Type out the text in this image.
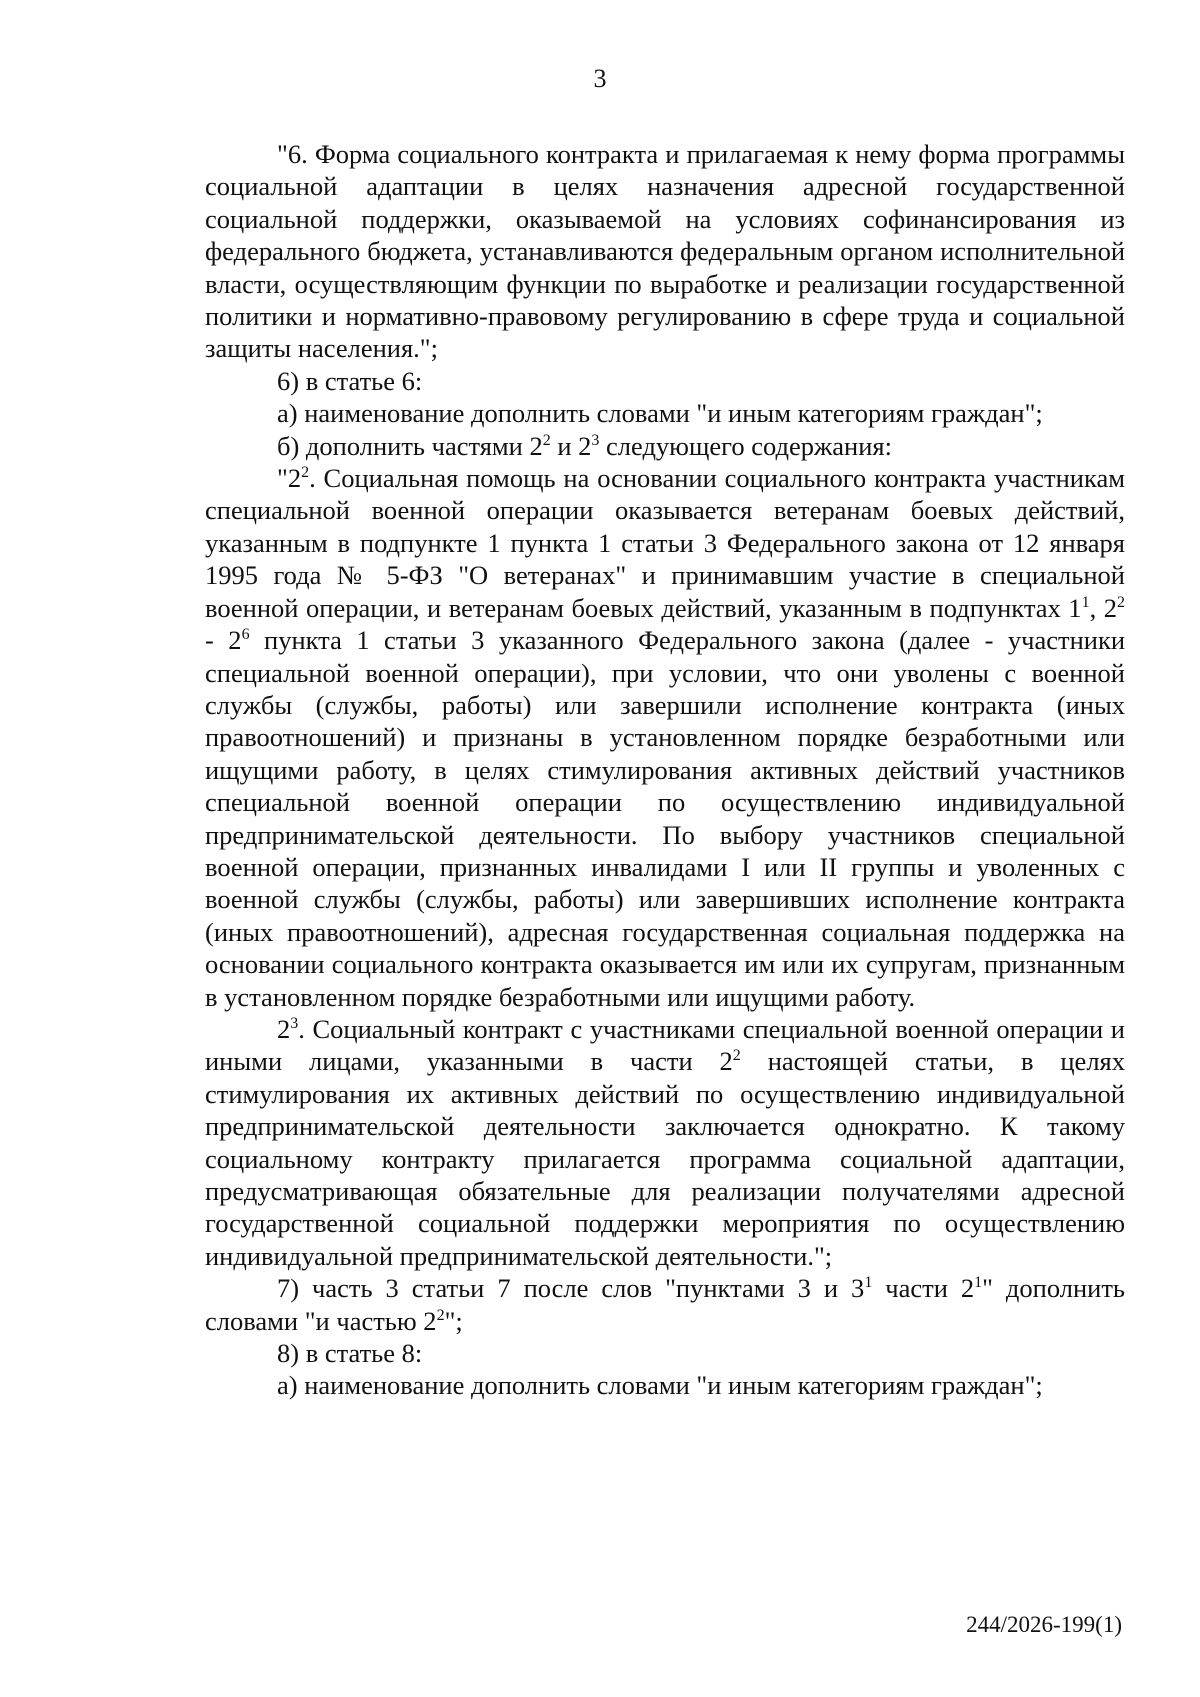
3

"6. Форма социального контракта и прилагаемая к нему форма программы социальной адаптации в целях назначения адресной государственной социальной поддержки, оказываемой на условиях софинансирования из федерального бюджета, устанавливаются федеральным органом исполнительной власти, осуществляющим функции по выработке и реализации государственной политики и нормативно-правовому регулированию в сфере труда и социальной защиты населения.";

6) в статье 6:

а) наименование дополнить словами "и иным категориям граждан";

б) дополнить частями $2^2$ и $2^3$ следующего содержания:

"$2^2$. Социальная помощь на основании социального контракта участникам специальной военной операции оказывается ветеранам боевых действий, указанным в подпункте 1 пункта 1 статьи 3 Федерального закона от 12 января 1995 года № 5-ФЗ "О ветеранах" и принимавшим участие в специальной военной операции, и ветеранам боевых действий, указанным в подпунктах $1^1$, $2^2 - 2^6$ пункта 1 статьи 3 указанного Федерального закона (далее - участники специальной военной операции), при условии, что они уволены с военной службы (службы, работы) или завершили исполнение контракта (иных правоотношений) и признаны в установленном порядке безработными или ищущими работу, в целях стимулирования активных действий участников специальной военной операции по осуществлению индивидуальной предпринимательской деятельности. По выбору участников специальной военной операции, признанных инвалидами I или II группы и уволенных с военной службы (службы, работы) или завершивших исполнение контракта (иных правоотношений), адресная государственная социальная поддержка на основании социального контракта оказывается им или их супругам, признанным в установленном порядке безработными или ищущими работу.

$2^3$. Социальный контракт с участниками специальной военной операции и иными лицами, указанными в части $2^2$ настоящей статьи, в целях стимулирования их активных действий по осуществлению индивидуальной предпринимательской деятельности заключается однократно. К такому социальному контракту прилагается программа социальной адаптации, предусматривающая обязательные для реализации получателями адресной государственной социальной поддержки мероприятия по осуществлению индивидуальной предпринимательской деятельности.";

7) часть 3 статьи 7 после слов "пунктами 3 и $3^1$ части $2^1$" дополнить словами "и частью $2^2$";

8) в статье 8:

а) наименование дополнить словами "и иным категориям граждан";

244/2026-199(1)
